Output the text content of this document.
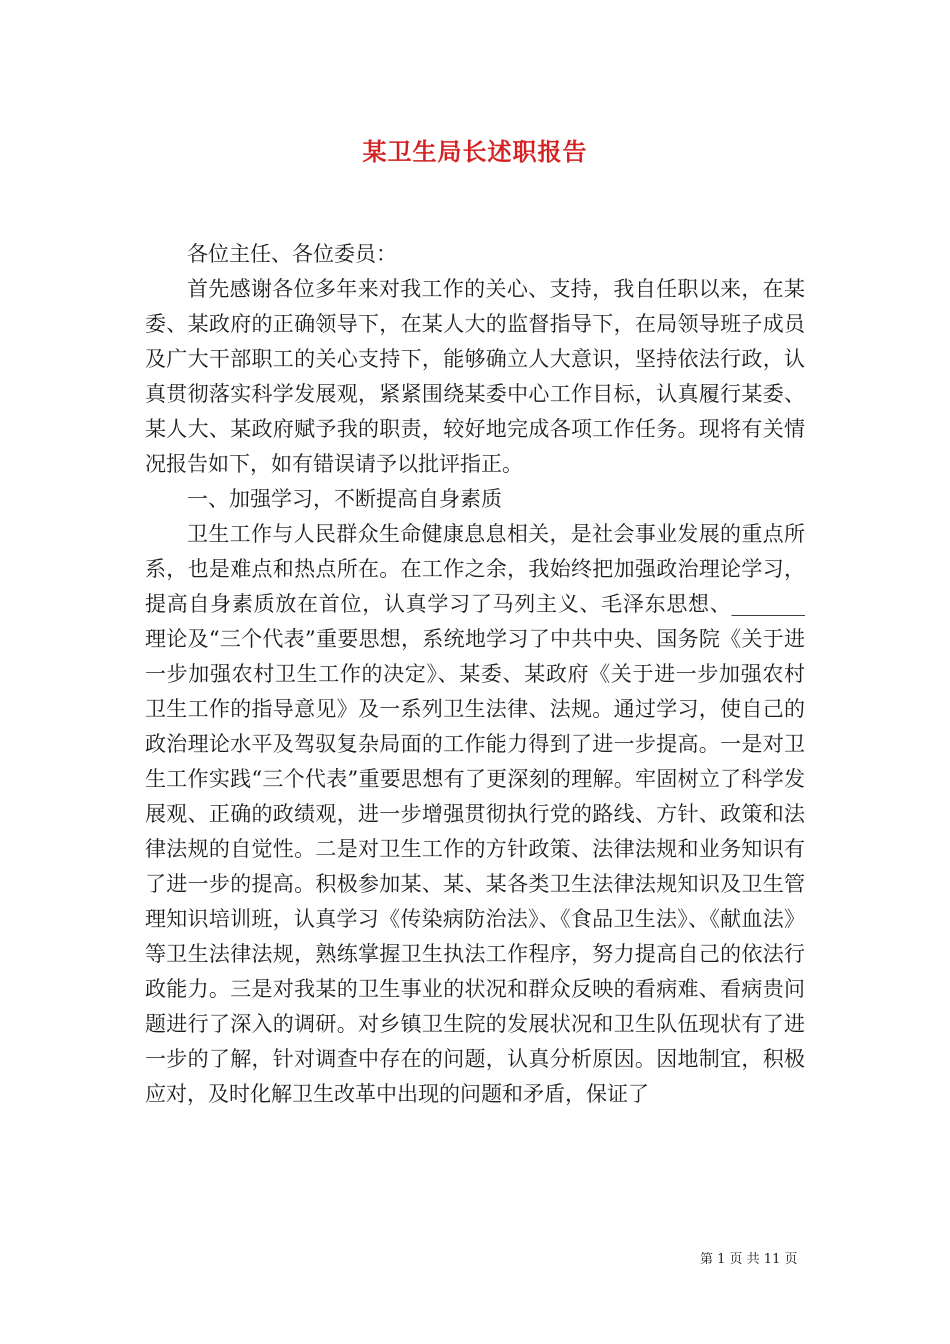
某卫生局长述职报告

各位主任、各位委员：

首先感谢各位多年来对我工作的关心、支持，我自任职以来，在某委、某政府的正确领导下，在某人大的监督指导下，在局领导班子成员及广大干部职工的关心支持下，能够确立人大意识，坚持依法行政，认真贯彻落实科学发展观，紧紧围绕某委中心工作目标，认真履行某委、某人大、某政府赋予我的职责，较好地完成各项工作任务。现将有关情况报告如下，如有错误请予以批评指正。

一、加强学习，不断提高自身素质

卫生工作与人民群众生命健康息息相关，是社会事业发展的重点所系，也是难点和热点所在。在工作之余，我始终把加强政治理论学习，提高自身素质放在首位，认真学习了马列主义、毛泽东思想、_______理论及“三个代表”重要思想，系统地学习了中共中央、国务院《关于进一步加强农村卫生工作的决定》、某委、某政府《关于进一步加强农村卫生工作的指导意见》及一系列卫生法律、法规。通过学习，使自己的政治理论水平及驾驭复杂局面的工作能力得到了进一步提高。一是对卫生工作实践“三个代表”重要思想有了更深刻的理解。牢固树立了科学发展观、正确的政绩观，进一步增强贯彻执行党的路线、方针、政策和法律法规的自觉性。二是对卫生工作的方针政策、法律法规和业务知识有了进一步的提高。积极参加某、某、某各类卫生法律法规知识及卫生管理知识培训班，认真学习《传染病防治法》、《食品卫生法》、《献血法》等卫生法律法规，熟练掌握卫生执法工作程序，努力提高自己的依法行政能力。三是对我某的卫生事业的状况和群众反映的看病难、看病贵问题进行了深入的调研。对乡镇卫生院的发展状况和卫生队伍现状有了进一步的了解，针对调查中存在的问题，认真分析原因。因地制宜，积极应对，及时化解卫生改革中出现的问题和矛盾，保证了

第 1 页 共 11 页
